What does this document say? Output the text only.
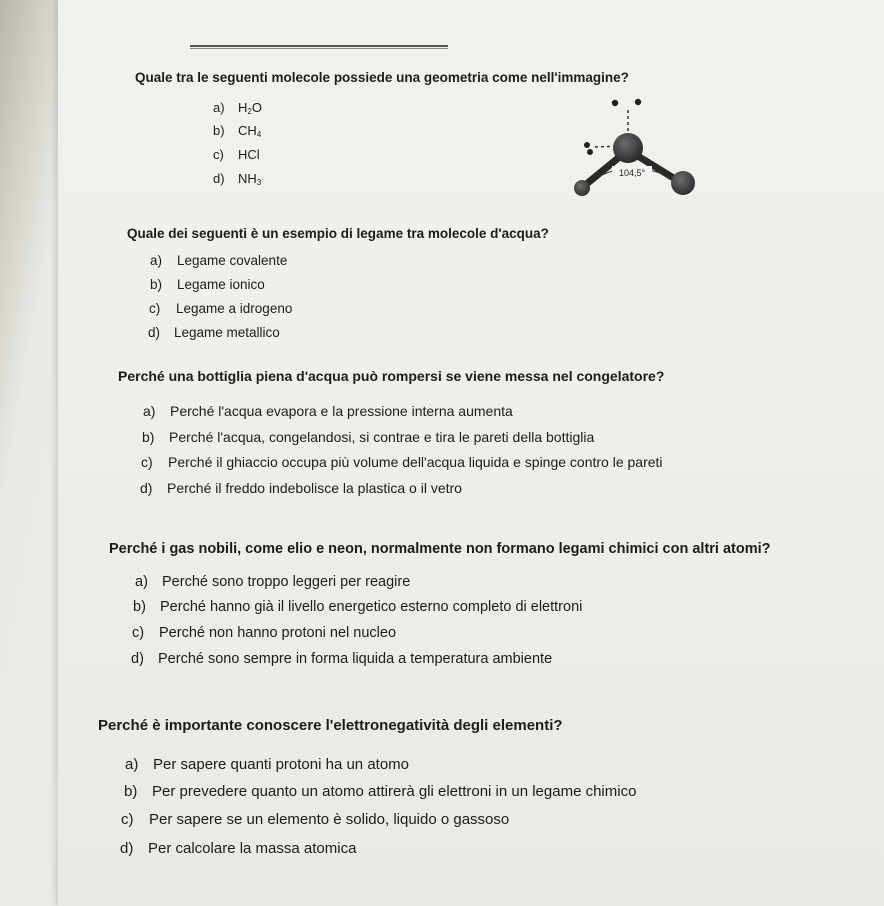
Quale tra le seguenti molecole possiede una geometria come nell'immagine?
a) $H_2O$
b) $CH_4$
c) HCl
d) $NH_3$
104,5°
Quale dei seguenti è un esempio di legame tra molecole d'acqua?
a) Legame covalente
b) Legame ionico
c) Legame a idrogeno
d) Legame metallico
Perché una bottiglia piena d'acqua può rompersi se viene messa nel congelatore?
a) Perché l'acqua evapora e la pressione interna aumenta
b) Perché l'acqua, congelandosi, si contrae e tira le pareti della bottiglia
c) Perché il ghiaccio occupa più volume dell'acqua liquida e spinge contro le pareti
d) Perché il freddo indebolisce la plastica o il vetro
Perché i gas nobili, come elio e neon, normalmente non formano legami chimici con altri atomi?
a) Perché sono troppo leggeri per reagire
b) Perché hanno già il livello energetico esterno completo di elettroni
c) Perché non hanno protoni nel nucleo
d) Perché sono sempre in forma liquida a temperatura ambiente
Perché è importante conoscere l'elettronegatività degli elementi?
a) Per sapere quanti protoni ha un atomo
b) Per prevedere quanto un atomo attirerà gli elettroni in un legame chimico
c) Per sapere se un elemento è solido, liquido o gassoso
d) Per calcolare la massa atomica
